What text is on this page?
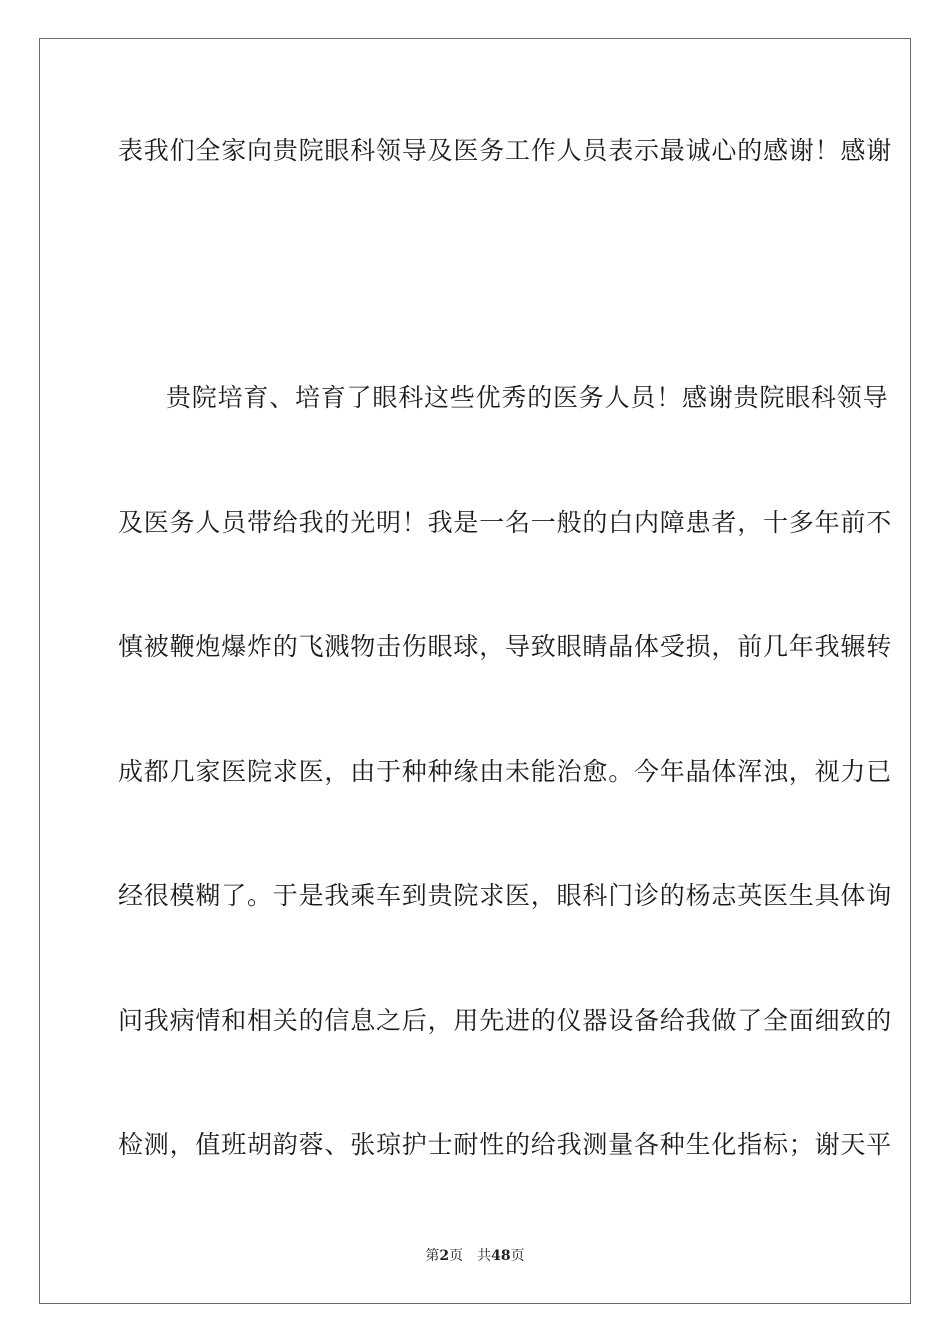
表我们全家向贵院眼科领导及医务工作人员表示最诚心的感谢！感谢
贵院培育、培育了眼科这些优秀的医务人员！感谢贵院眼科领导
及医务人员带给我的光明！我是一名一般的白内障患者，十多年前不
慎被鞭炮爆炸的飞溅物击伤眼球，导致眼睛晶体受损，前几年我辗转
成都几家医院求医，由于种种缘由未能治愈。今年晶体浑浊，视力已
经很模糊了。于是我乘车到贵院求医，眼科门诊的杨志英医生具体询
问我病情和相关的信息之后，用先进的仪器设备给我做了全面细致的
检测，值班胡韵蓉、张琼护士耐性的给我测量各种生化指标；谢天平
第2页 共48页
